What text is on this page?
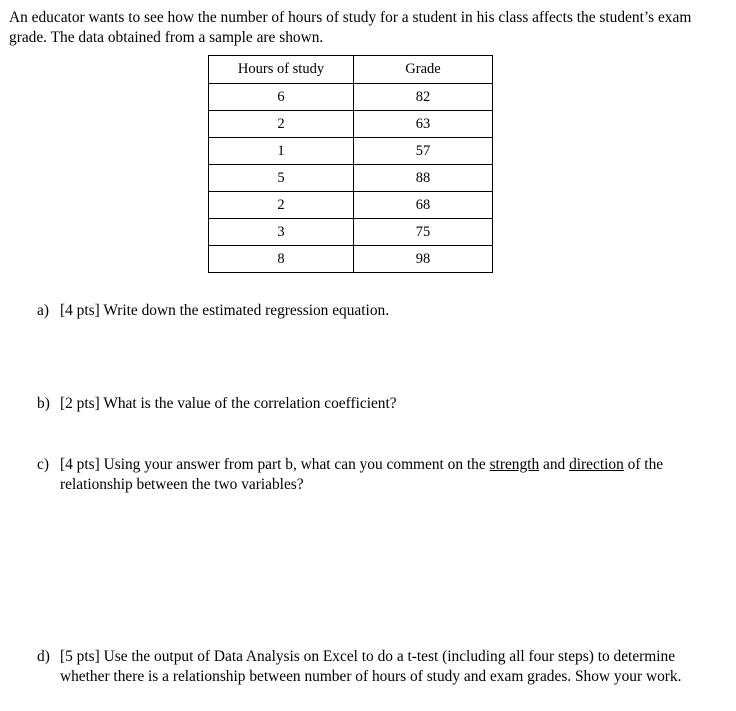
An educator wants to see how the number of hours of study for a student in his class affects the student’s exam
grade. The data obtained from a sample are shown.

Hours of study	Grade
6	82
2	63
1	57
5	88
2	68
3	75
8	98

a) [4 pts] Write down the estimated regression equation.

b) [2 pts] What is the value of the correlation coefficient?

c) [4 pts] Using your answer from part b, what can you comment on the strength and direction of the
relationship between the two variables?

d) [5 pts] Use the output of Data Analysis on Excel to do a t-test (including all four steps) to determine
whether there is a relationship between number of hours of study and exam grades. Show your work.
